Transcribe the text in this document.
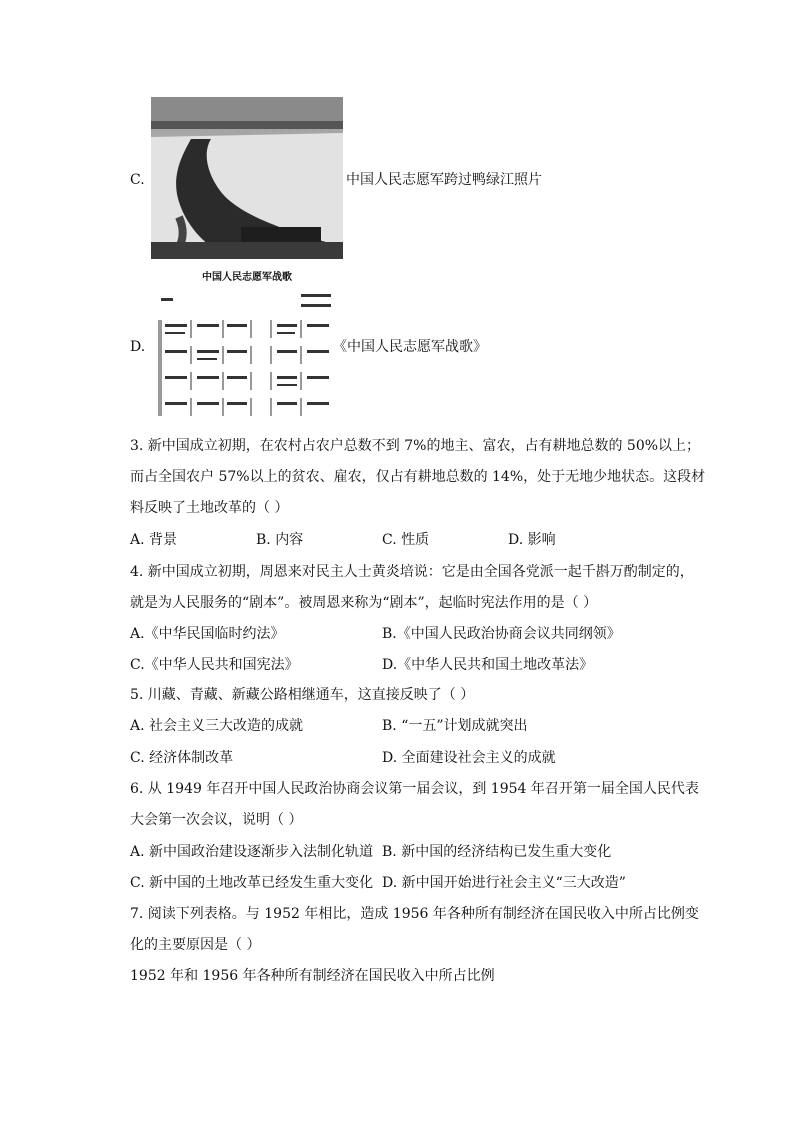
C.	中国人民志愿军跨过鸭绿江照片
D.
中国人民志愿军战歌
《中国人民志愿军战歌》
3. 新中国成立初期，在农村占农户总数不到 7%的地主、富农，占有耕地总数的 50%以上；
而占全国农户 57%以上的贫农、雇农，仅占有耕地总数的 14%，处于无地少地状态。这段材
料反映了土地改革的（ ）
A. 背景	B. 内容	C. 性质	D. 影响
4. 新中国成立初期，周恩来对民主人士黄炎培说：它是由全国各党派一起千斟万酌制定的，
就是为人民服务的“剧本”。被周恩来称为“剧本”，起临时宪法作用的是（ ）
A.《中华民国临时约法》	B.《中国人民政治协商会议共同纲领》
C.《中华人民共和国宪法》	D.《中华人民共和国土地改革法》
5. 川藏、青藏、新藏公路相继通车，这直接反映了（ ）
A. 社会主义三大改造的成就	B. “一五”计划成就突出
C. 经济体制改革	D. 全面建设社会主义的成就
6. 从 1949 年召开中国人民政治协商会议第一届会议，到 1954 年召开第一届全国人民代表
大会第一次会议，说明（ ）
A. 新中国政治建设逐渐步入法制化轨道 B. 新中国的经济结构已发生重大变化
C. 新中国的土地改革已经发生重大变化 D. 新中国开始进行社会主义“三大改造”
7. 阅读下列表格。与 1952 年相比，造成 1956 年各种所有制经济在国民收入中所占比例变
化的主要原因是（ ）
1952 年和 1956 年各种所有制经济在国民收入中所占比例
